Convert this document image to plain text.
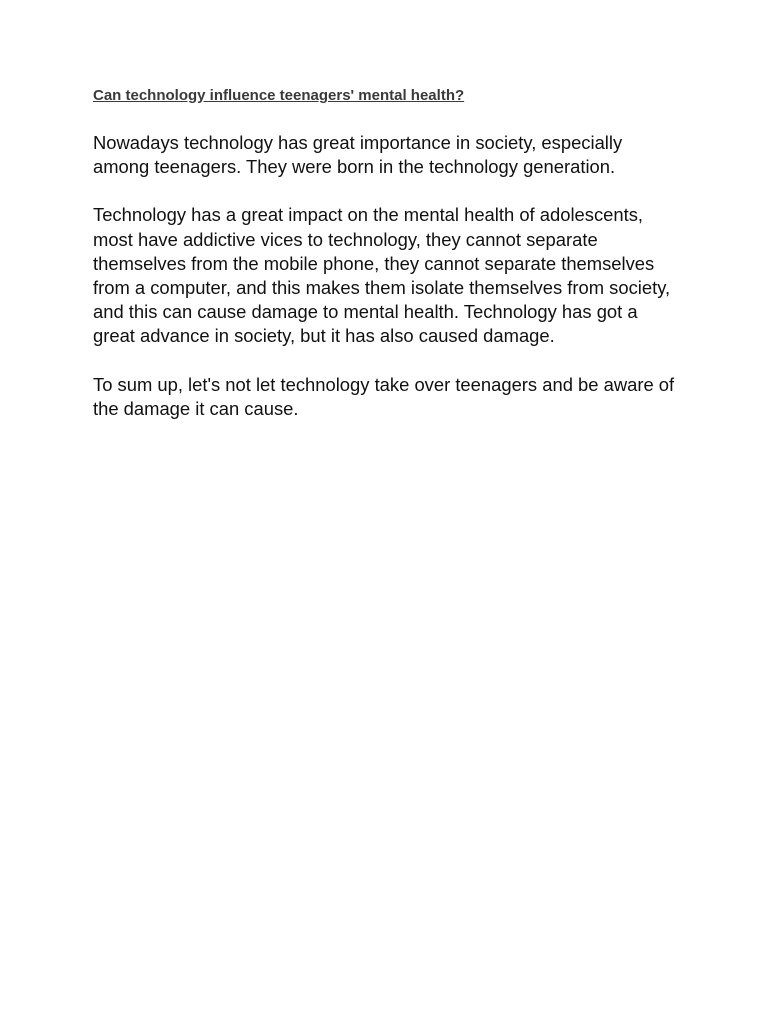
Can technology influence teenagers' mental health?

Nowadays technology has great importance in society, especially among teenagers. They were born in the technology generation.

Technology has a great impact on the mental health of adolescents, most have addictive vices to technology, they cannot separate themselves from the mobile phone, they cannot separate themselves from a computer, and this makes them isolate themselves from society, and this can cause damage to mental health. Technology has got a great advance in society, but it has also caused damage.

To sum up, let's not let technology take over teenagers and be aware of the damage it can cause.
